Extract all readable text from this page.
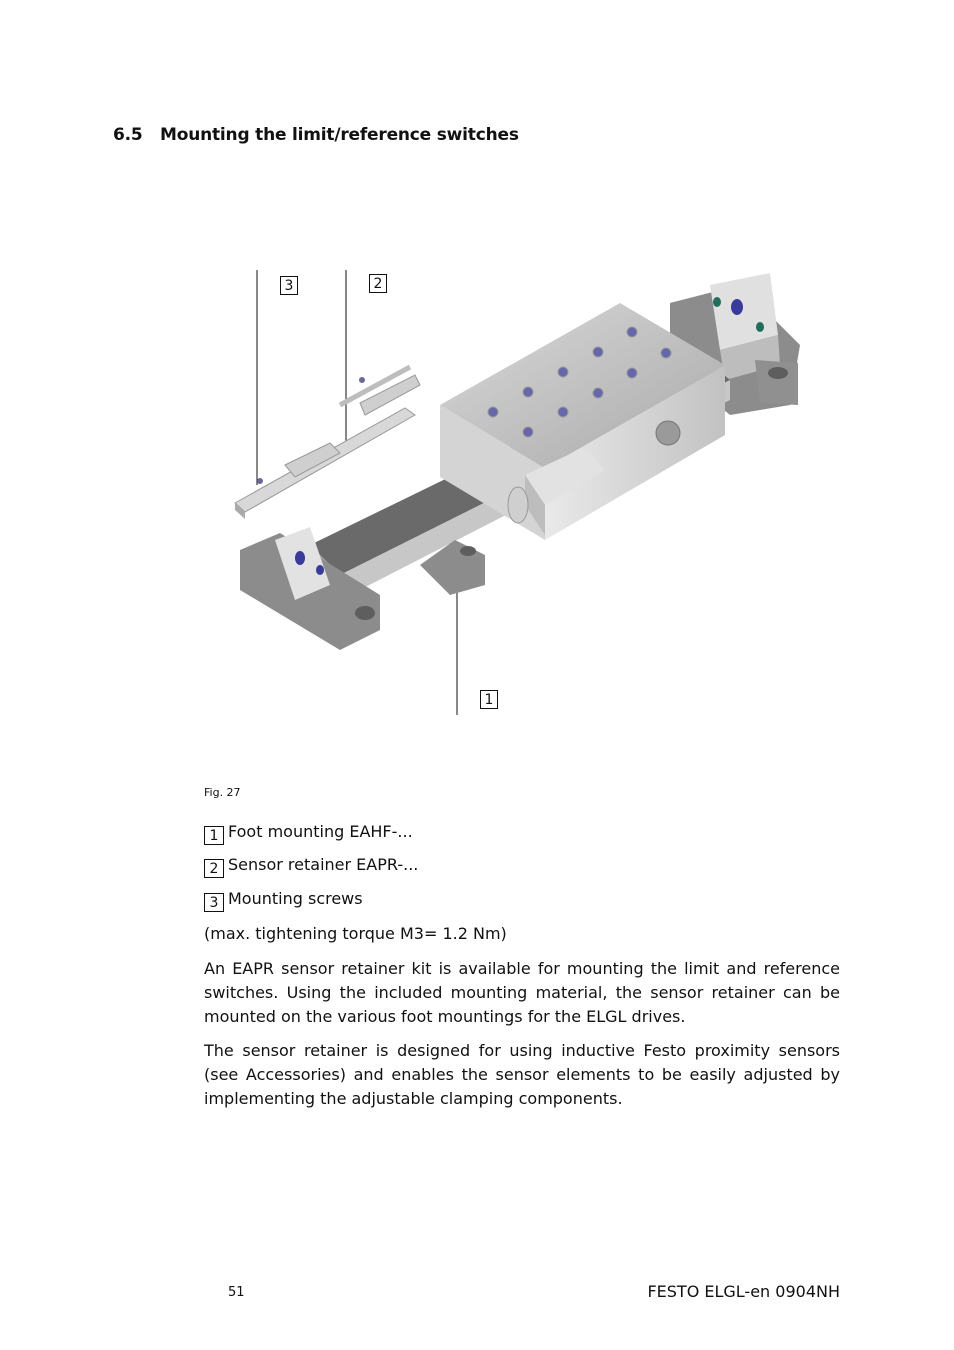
6.5 Mounting the limit/reference switches
3	2
1
Fig. 27
1 Foot mounting EAHF-...
2 Sensor retainer EAPR-...
3 Mounting screws
(max. tightening torque M3= 1.2 Nm)

An EAPR sensor retainer kit is available for mounting the limit and reference switches. Using the included mounting material, the sensor retainer can be mounted on the various foot mountings for the ELGL drives.

The sensor retainer is designed for using inductive Festo proximity sensors (see Accessories) and enables the sensor elements to be easily adjusted by implementing the adjustable clamping components.

51	FESTO ELGL-en 0904NH
